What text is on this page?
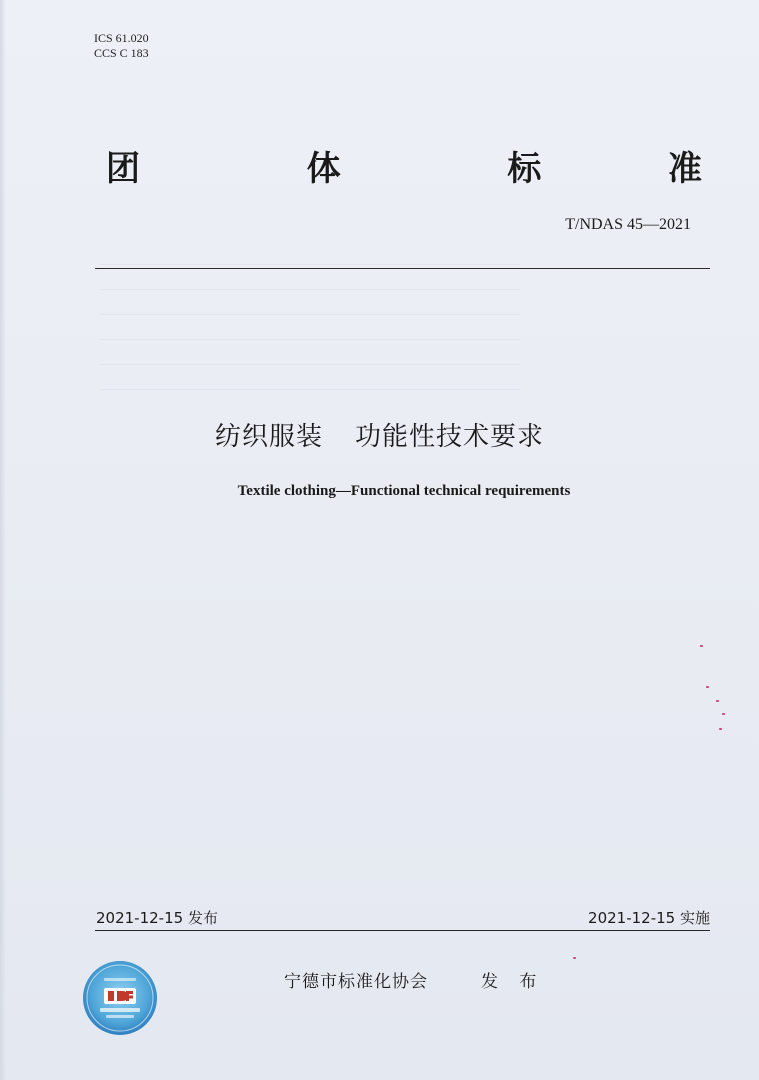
ICS 61.020
CCS C 183
团	体	标	准
T/NDAS 45—2021
纺织服装 功能性技术要求
Textile clothing—Functional technical requirements
2021-12-15 发布	2021-12-15 实施
宁德市标准化协会	发 布
